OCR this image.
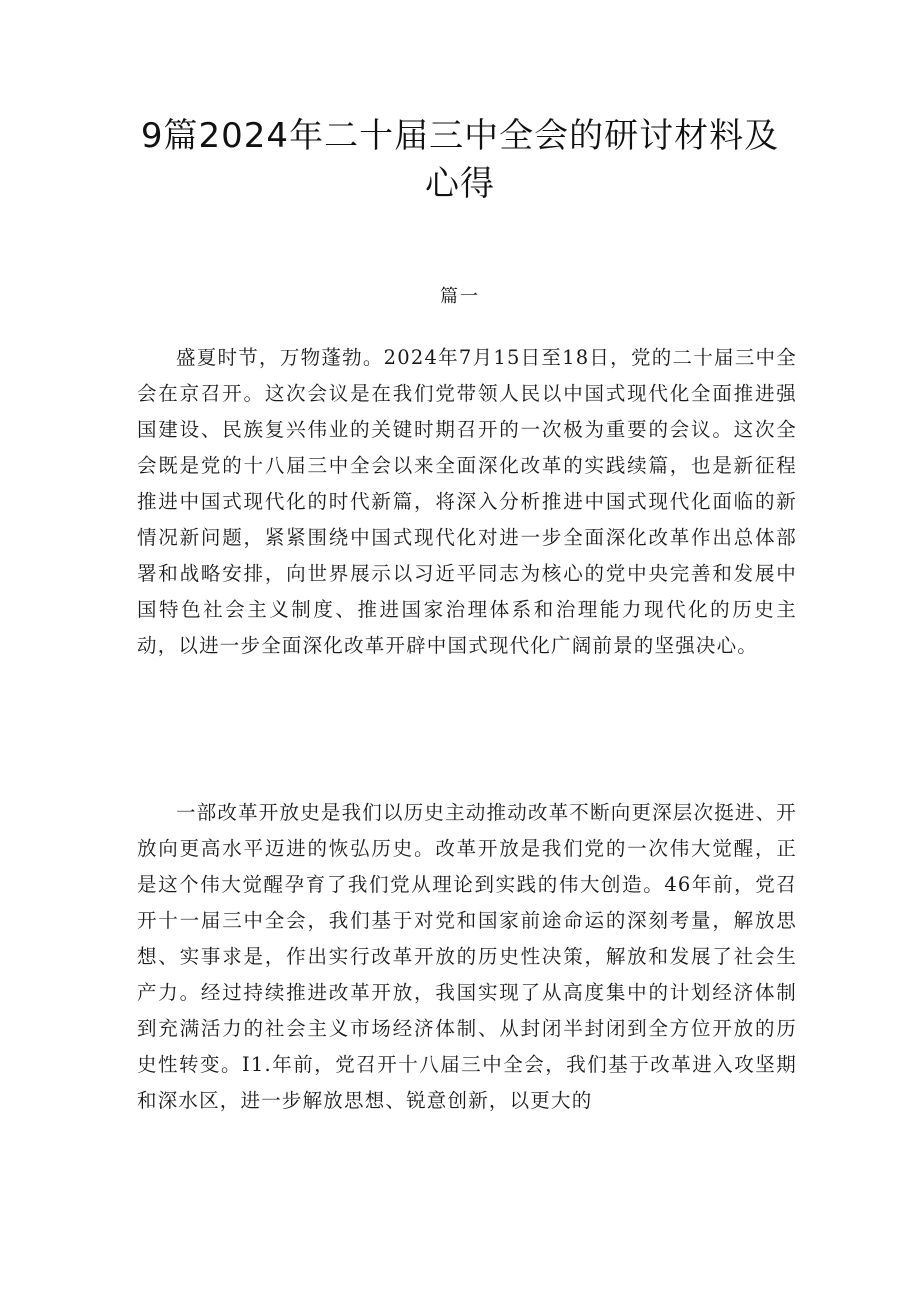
9篇2024年二十届三中全会的研讨材料及心得
篇一

盛夏时节，万物蓬勃。2024年7月15日至18日，党的二十届三中全会在京召开。这次会议是在我们党带领人民以中国式现代化全面推进强国建设、民族复兴伟业的关键时期召开的一次极为重要的会议。这次全会既是党的十八届三中全会以来全面深化改革的实践续篇，也是新征程推进中国式现代化的时代新篇，将深入分析推进中国式现代化面临的新情况新问题，紧紧围绕中国式现代化对进一步全面深化改革作出总体部署和战略安排，向世界展示以习近平同志为核心的党中央完善和发展中国特色社会主义制度、推进国家治理体系和治理能力现代化的历史主动，以进一步全面深化改革开辟中国式现代化广阔前景的坚强决心。

一部改革开放史是我们以历史主动推动改革不断向更深层次挺进、开放向更高水平迈进的恢弘历史。改革开放是我们党的一次伟大觉醒，正是这个伟大觉醒孕育了我们党从理论到实践的伟大创造。46年前，党召开十一届三中全会，我们基于对党和国家前途命运的深刻考量，解放思想、实事求是，作出实行改革开放的历史性决策，解放和发展了社会生产力。经过持续推进改革开放，我国实现了从高度集中的计划经济体制到充满活力的社会主义市场经济体制、从封闭半封闭到全方位开放的历史性转变。I1.年前，党召开十八届三中全会，我们基于改革进入攻坚期和深水区，进一步解放思想、锐意创新，以更大的
